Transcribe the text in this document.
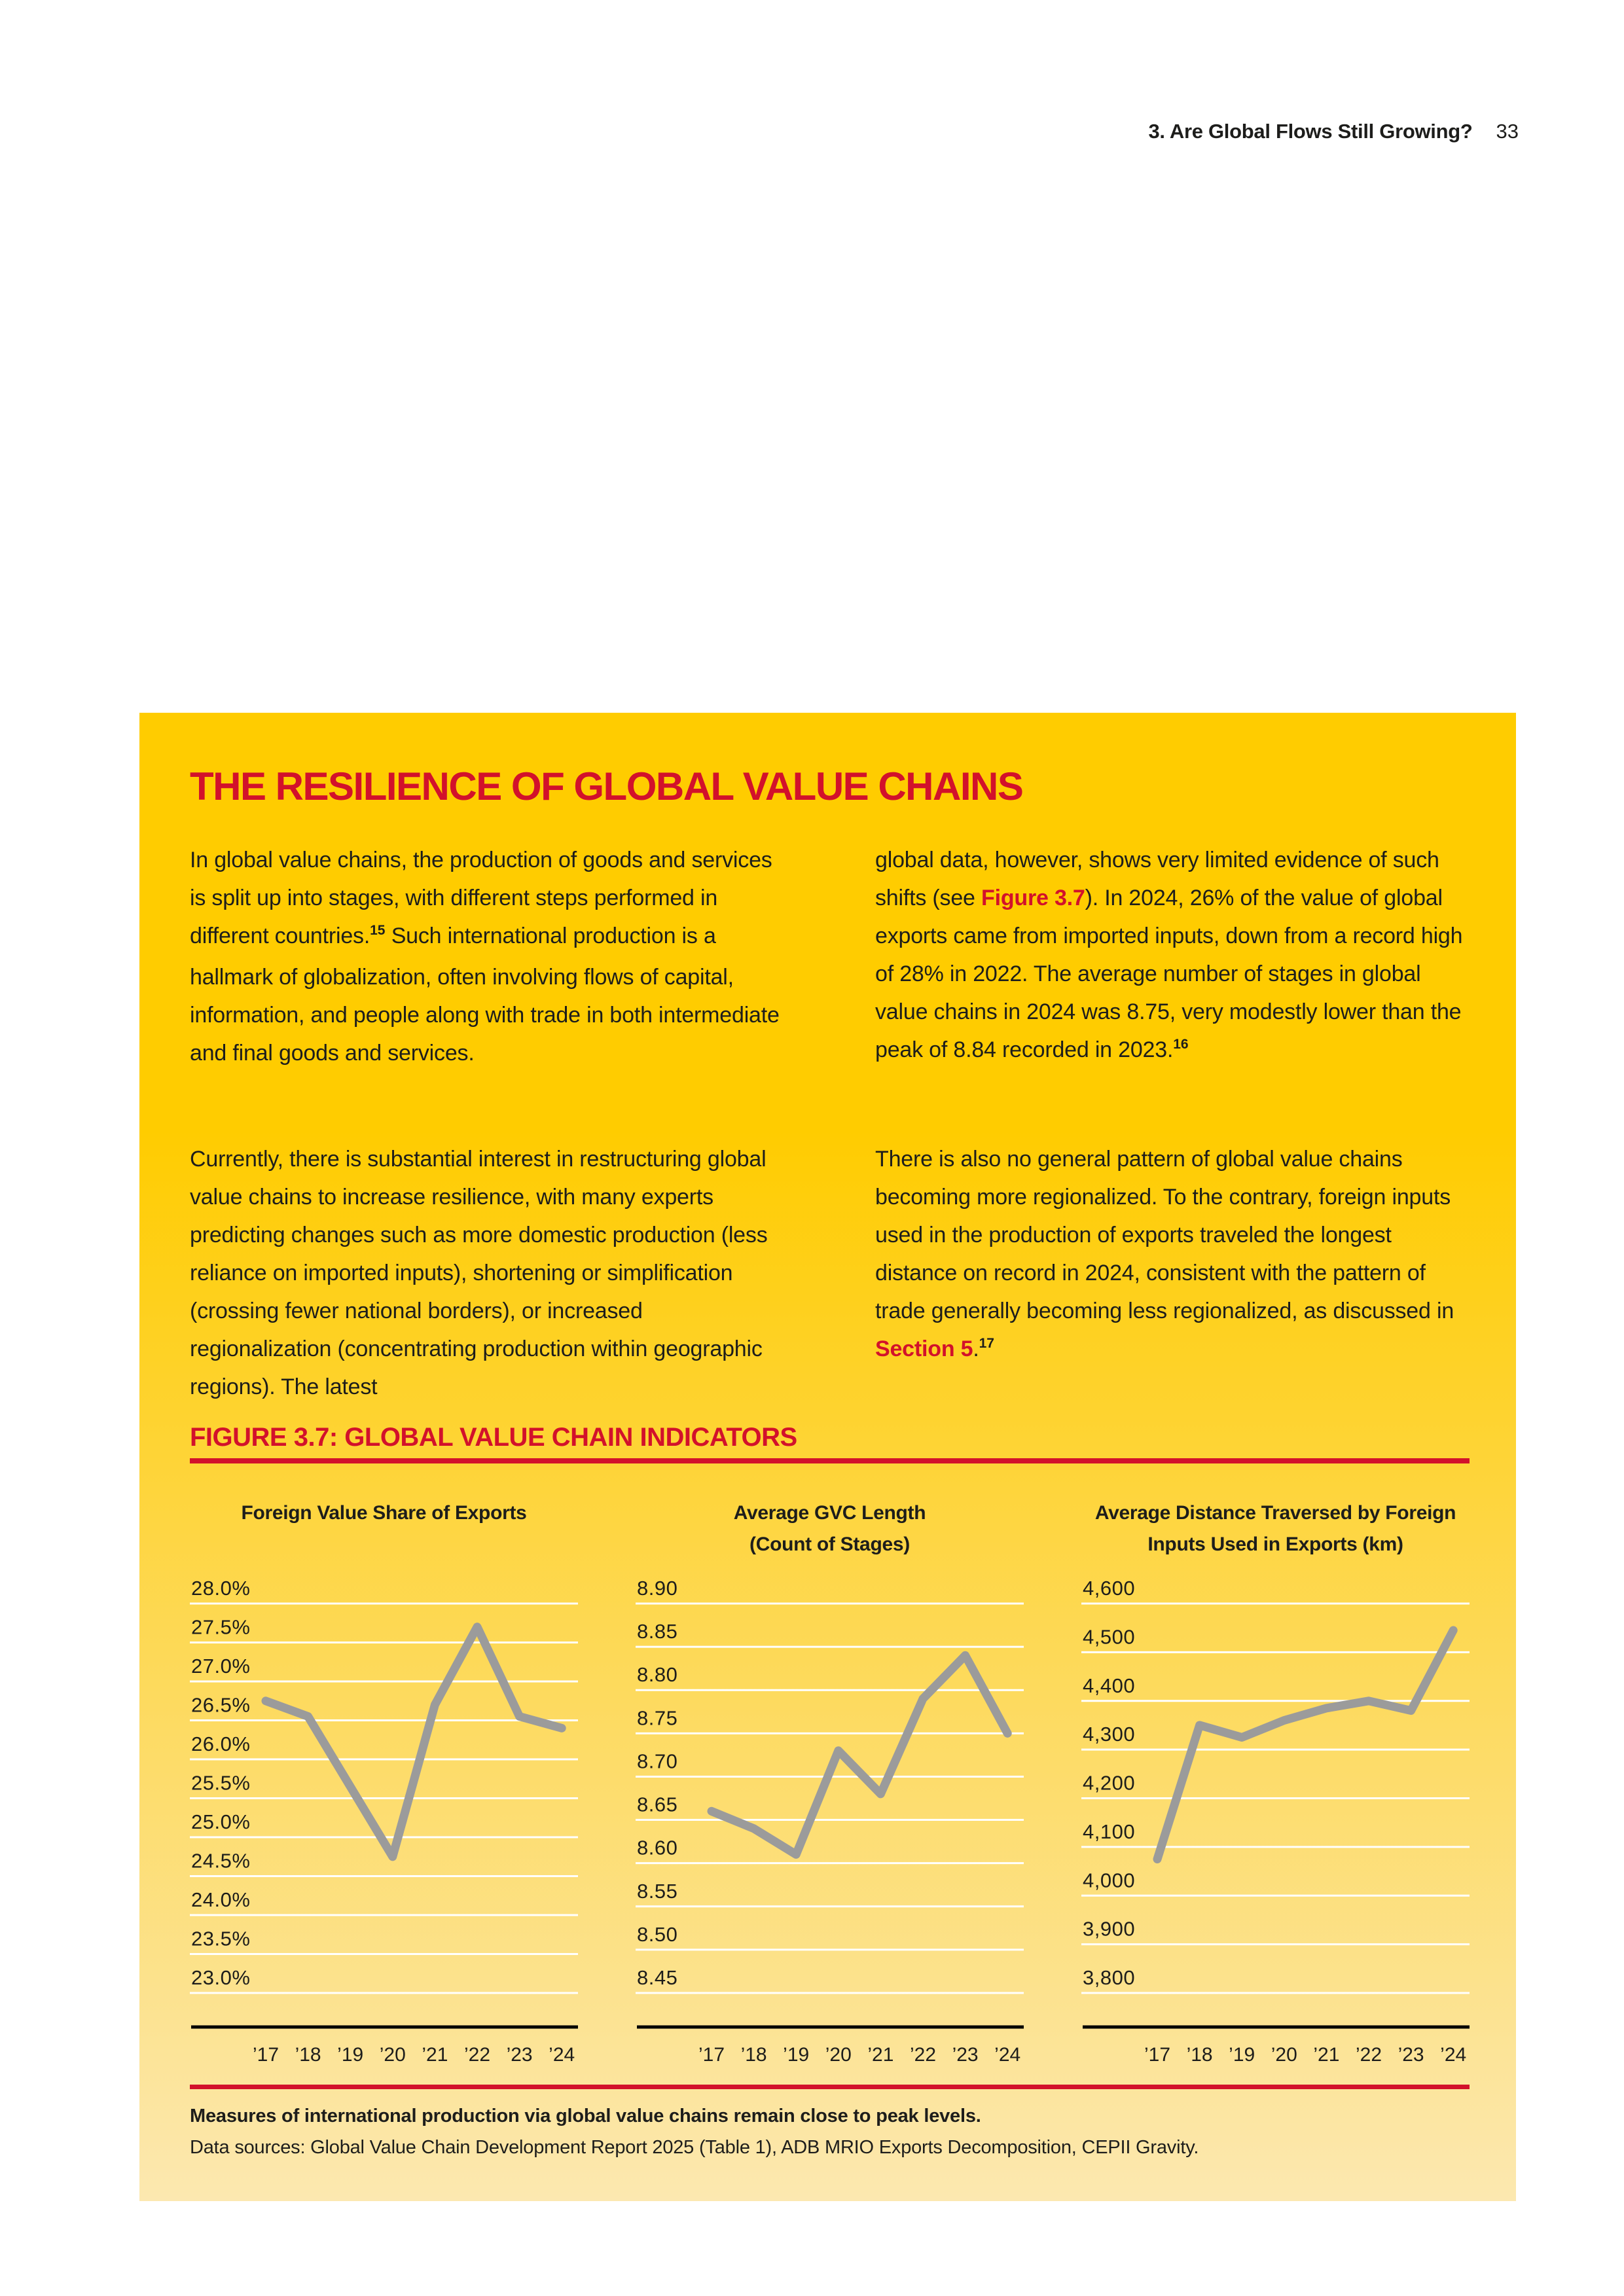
3. Are Global Flows Still Growing? 33
THE RESILIENCE OF GLOBAL VALUE CHAINS

In global value chains, the production of goods and services is split up into stages, with different steps performed in different countries.$^{15}$ Such international production is a hallmark of globalization, often involving flows of capital, information, and people along with trade in both intermediate and final goods and services.

Currently, there is substantial interest in restructuring global value chains to increase resilience, with many experts predicting changes such as more domestic production (less reliance on imported inputs), shortening or simplification (crossing fewer national borders), or increased regionalization (concentrating production within geographic regions). The latest

global data, however, shows very limited evidence of such shifts (see Figure 3.7). In 2024, 26% of the value of global exports came from imported inputs, down from a record high of 28% in 2022. The average number of stages in global value chains in 2024 was 8.75, very modestly lower than the peak of 8.84 recorded in 2023.16

There is also no general pattern of global value chains becoming more regionalized. To the contrary, foreign inputs used in the production of exports traveled the longest distance on record in 2024, consistent with the pattern of trade generally becoming less regionalized, as discussed in Section 5.17

FIGURE 3.7: GLOBAL VALUE CHAIN INDICATORS
Foreign Value Share of Exports
28.0%
27.5%
27.0%
26.5%
26.0%
25.5%
25.0%
24.5%
24.0%
23.5%
23.0%
’17 ’18 ’19 ’20 ’21 ’22 ’23 ’24
Average GVC Length
(Count of Stages)
8.90
8.85
8.80
8.75
8.70
8.65
8.60
8.55
8.50
8.45
’17 ’18 ’19 ’20 ’21 ’22 ’23 ’24
Average Distance Traversed by Foreign
Inputs Used in Exports (km)
4,600
4,500
4,400
4,300
4,200
4,100
4,000
3,900
3,800
’17 ’18 ’19 ’20 ’21 ’22 ’23 ’24

Measures of international production via global value chains remain close to peak levels.

Data sources: Global Value Chain Development Report 2025 (Table 1), ADB MRIO Exports Decomposition, CEPII Gravity.
